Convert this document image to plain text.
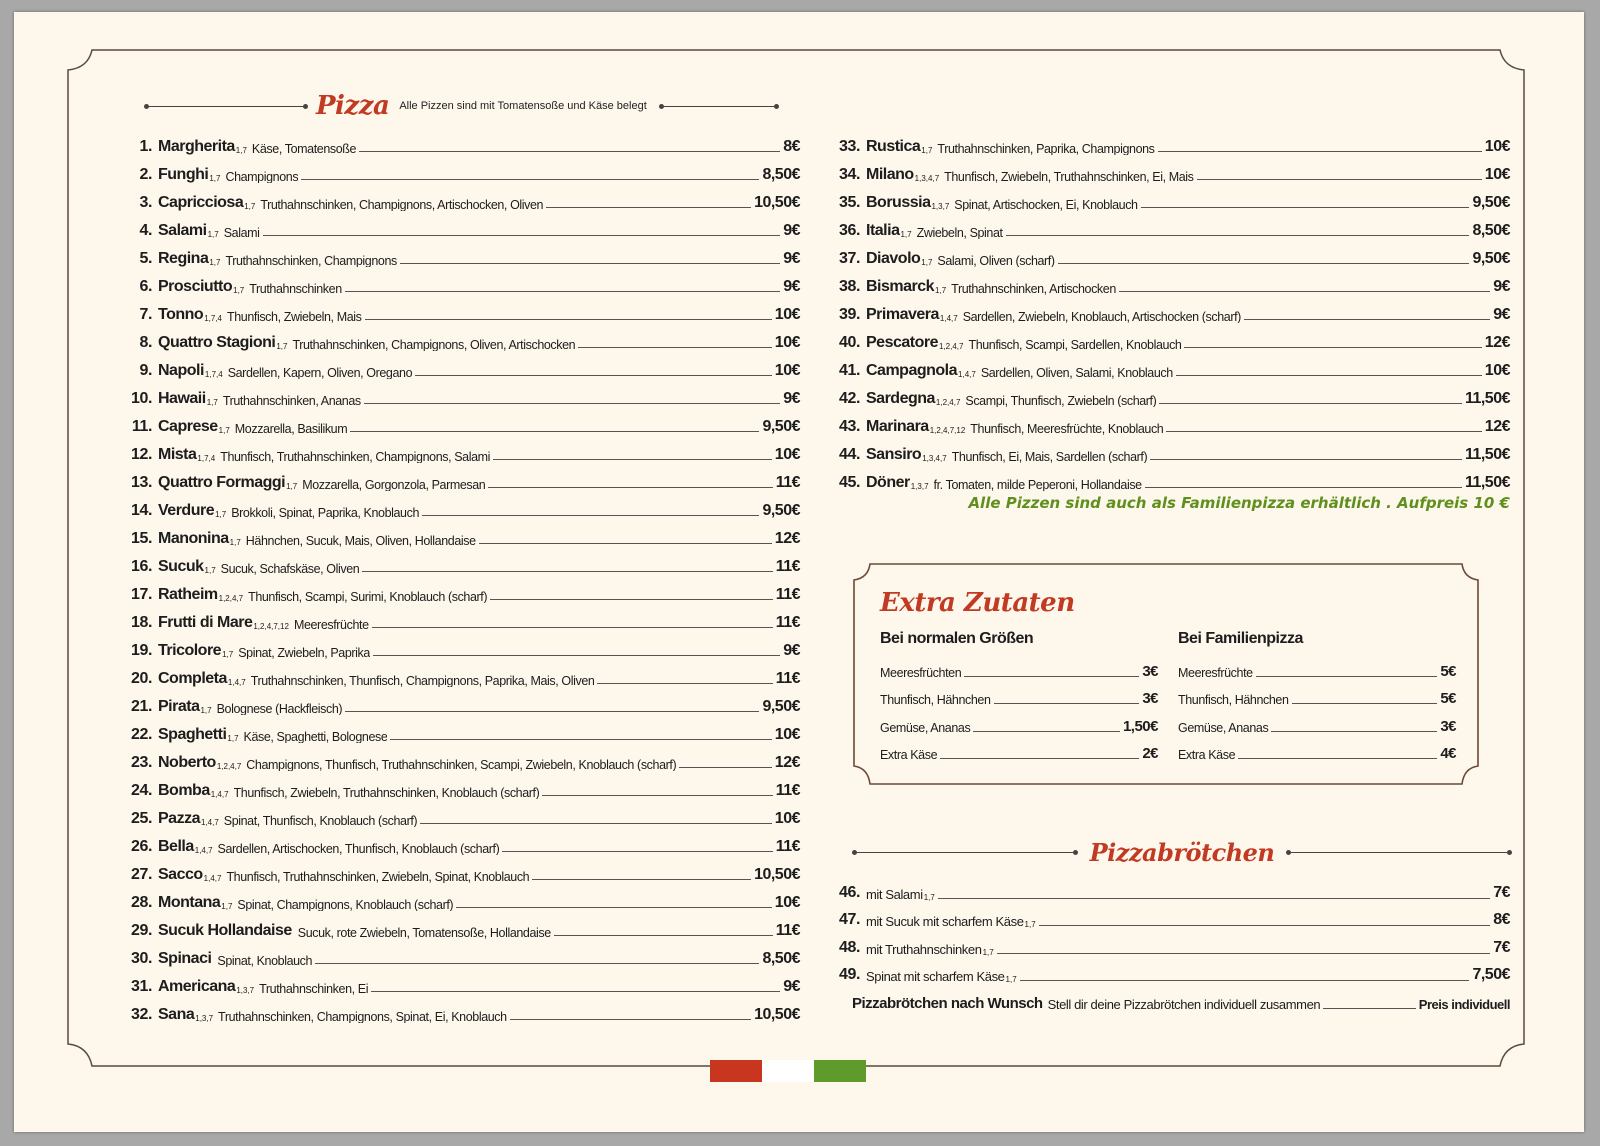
Pizza Alle Pizzen sind mit Tomatensoße und Käse belegt
1. Margherita 1,7 Käse, Tomatensoße	8€
2. Funghi 1,7 Champignons	8,50€
3. Capricciosa 1,7 Truthahnschinken, Champignons, Artischocken, Oliven	10,50€
4. Salami 1,7 Salami	9€
5. Regina 1,7 Truthahnschinken, Champignons	9€
6. Prosciutto 1,7 Truthahnschinken	9€
7. Tonno 1,7,4 Thunfisch, Zwiebeln, Mais	10€
8. Quattro Stagioni 1,7 Truthahnschinken, Champignons, Oliven, Artischocken	10€
9. Napoli 1,7,4 Sardellen, Kapern, Oliven, Oregano	10€
10. Hawaii 1,7 Truthahnschinken, Ananas	9€
11. Caprese 1,7 Mozzarella, Basilikum	9,50€
12. Mista 1,7,4 Thunfisch, Truthahnschinken, Champignons, Salami	10€
13. Quattro Formaggi 1,7 Mozzarella, Gorgonzola, Parmesan	11€
14. Verdure 1,7 Brokkoli, Spinat, Paprika, Knoblauch	9,50€
15. Manonina 1,7 Hähnchen, Sucuk, Mais, Oliven, Hollandaise	12€
16. Sucuk 1,7 Sucuk, Schafskäse, Oliven	11€
17. Ratheim 1,2,4,7 Thunfisch, Scampi, Surimi, Knoblauch (scharf)	11€
18. Frutti di Mare 1,2,4,7,12 Meeresfrüchte	11€
19. Tricolore 1,7 Spinat, Zwiebeln, Paprika	9€
20. Completa 1,4,7 Truthahnschinken, Thunfisch, Champignons, Paprika, Mais, Oliven	11€
21. Pirata 1,7 Bolognese (Hackfleisch)	9,50€
22. Spaghetti 1,7 Käse, Spaghetti, Bolognese	10€
23. Noberto 1,2,4,7 Champignons, Thunfisch, Truthahnschinken, Scampi, Zwiebeln, Knoblauch (scharf)	12€
24. Bomba 1,4,7 Thunfisch, Zwiebeln, Truthahnschinken, Knoblauch (scharf)	11€
25. Pazza 1,4,7 Spinat, Thunfisch, Knoblauch (scharf)	10€
26. Bella 1,4,7 Sardellen, Artischocken, Thunfisch, Knoblauch (scharf)	11€
27. Sacco 1,4,7 Thunfisch, Truthahnschinken, Zwiebeln, Spinat, Knoblauch	10,50€
28. Montana 1,7 Spinat, Champignons, Knoblauch (scharf)	10€
29. Sucuk Hollandaise Sucuk, rote Zwiebeln, Tomatensoße, Hollandaise	11€
30. Spinaci Spinat, Knoblauch	8,50€
31. Americana 1,3,7 Truthahnschinken, Ei	9€
32. Sana 1,3,7 Truthahnschinken, Champignons, Spinat, Ei, Knoblauch	10,50€
33. Rustica 1,7 Truthahnschinken, Paprika, Champignons	10€
34. Milano 1,3,4,7 Thunfisch, Zwiebeln, Truthahnschinken, Ei, Mais	10€
35. Borussia 1,3,7 Spinat, Artischocken, Ei, Knoblauch	9,50€
36. Italia 1,7 Zwiebeln, Spinat	8,50€
37. Diavolo 1,7 Salami, Oliven (scharf)	9,50€
38. Bismarck 1,7 Truthahnschinken, Artischocken	9€
39. Primavera 1,4,7 Sardellen, Zwiebeln, Knoblauch, Artischocken (scharf)	9€
40. Pescatore 1,2,4,7 Thunfisch, Scampi, Sardellen, Knoblauch	12€
41. Campagnola 1,4,7 Sardellen, Oliven, Salami, Knoblauch	10€
42. Sardegna 1,2,4,7 Scampi, Thunfisch, Zwiebeln (scharf)	11,50€
43. Marinara 1,2,4,7,12 Thunfisch, Meeresfrüchte, Knoblauch	12€
44. Sansiro 1,3,4,7 Thunfisch, Ei, Mais, Sardellen (scharf)	11,50€
45. Döner 1,3,7 fr. Tomaten, milde Peperoni, Hollandaise	11,50€
Alle Pizzen sind auch als Familienpizza erhältlich . Aufpreis 10 €
Extra Zutaten
Bei normalen Größen
Meeresfrüchten	3€
Thunfisch, Hähnchen	3€
Gemüse, Ananas	1,50€
Extra Käse	2€
Bei Familienpizza
Meeresfrüchte	5€
Thunfisch, Hähnchen	5€
Gemüse, Ananas	3€
Extra Käse	4€
Pizzabrötchen
46. mit Salami 1,7	7€
47. mit Sucuk mit scharfem Käse 1,7	8€
48. mit Truthahnschinken 1,7	7€
49. Spinat mit scharfem Käse 1,7	7,50€
Pizzabrötchen nach Wunsch Stell dir deine Pizzabrötchen individuell zusammen	Preis individuell
